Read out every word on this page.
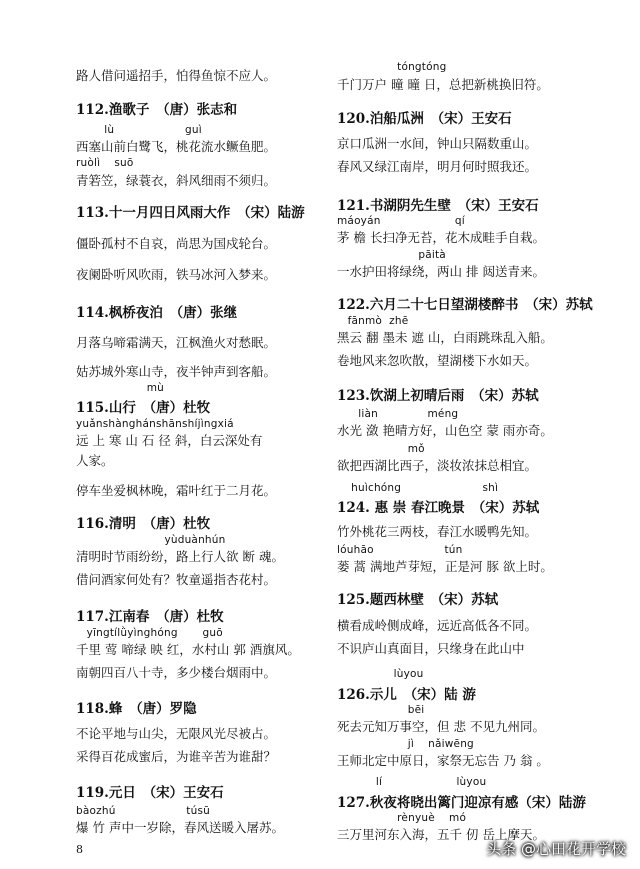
路人借问遥招手，怕得鱼惊不应人。
112.渔歌子　（唐）张志和
lù                    guì
西塞山前白鹭飞，桃花流水鳜鱼肥。
ruòlì    suō
青箬笠，绿蓑衣，斜风细雨不须归。
113.十一月四日风雨大作　（宋）陆游
僵卧孤村不自哀，尚思为国戍轮台。
夜阑卧听风吹雨，铁马冰河入梦来。
114.枫桥夜泊　（唐）张继
月落乌啼霜满天，江枫渔火对愁眠。
姑苏城外寒山寺，夜半钟声到客船。
mù
115.山行　（唐）杜牧
yuǎnshànghánshānshíjìngxiá
远 上 寒 山 石 径 斜，白云深处有
人家。
停车坐爱枫林晚，霜叶红于二月花。
116.清明　（唐）杜牧
yùduànhún
清明时节雨纷纷，路上行人欲 断 魂。
借问酒家何处有？牧童遥指杏花村。
117.江南春　（唐）杜牧
yīngtílǜyìnghóng       guō
千里 莺 啼绿 映 红，水村山 郭 酒旗风。
南朝四百八十寺，多少楼台烟雨中。
118.蜂　（唐）罗隐
不论平地与山尖，无限风光尽被占。
采得百花成蜜后，为谁辛苦为谁甜？
119.元日　（宋）王安石
bàozhú                    túsū
爆 竹 声中一岁除，春风送暖入屠苏。
tóngtóng
千门万户 曈 曈 日，总把新桃换旧符。
120.泊船瓜洲　（宋）王安石
京口瓜洲一水间，钟山只隔数重山。
春风又绿江南岸，明月何时照我还。
121.书湖阴先生壁　（宋）王安石
máoyán                     qí
茅 檐 长扫净无苔，花木成畦手自栽。
pāità
一水护田将绿绕，两山 排 闼送青来。
122.六月二十七日望湖楼醉书　（宋）苏轼
fānmò  zhē
黑云 翻 墨未 遮 山，白雨跳珠乱入船。
卷地风来忽吹散，望湖楼下水如天。
123.饮湖上初晴后雨　（宋）苏轼
liàn              méng
水光 潋 艳晴方好，山色空 蒙 雨亦奇。
mǒ
欲把西湖比西子，淡妆浓抹总相宜。
huìchóng                       shì
124. 惠 崇 春江晚景　（宋）苏轼
竹外桃花三两枝，春江水暖鸭先知。
lóuhāo                    tún
蒌 蒿 满地芦芽短，正是河 豚 欲上时。
125.题西林壁　（宋）苏轼
横看成岭侧成峰，远近高低各不同。
不识庐山真面目，只缘身在此山中
lùyou
126.示儿　（宋）陆 游
bēi
死去元知万事空，但 悲 不见九州同。
jì    nǎiwēng
王师北定中原日，家祭无忘告 乃 翁 。
lí                     lùyou
127.秋夜将晓出篱门迎凉有感（宋）陆游
rènyuè    mó
三万里河东入海，五千 仞 岳上摩天。
8	头条 @心田花开学校
